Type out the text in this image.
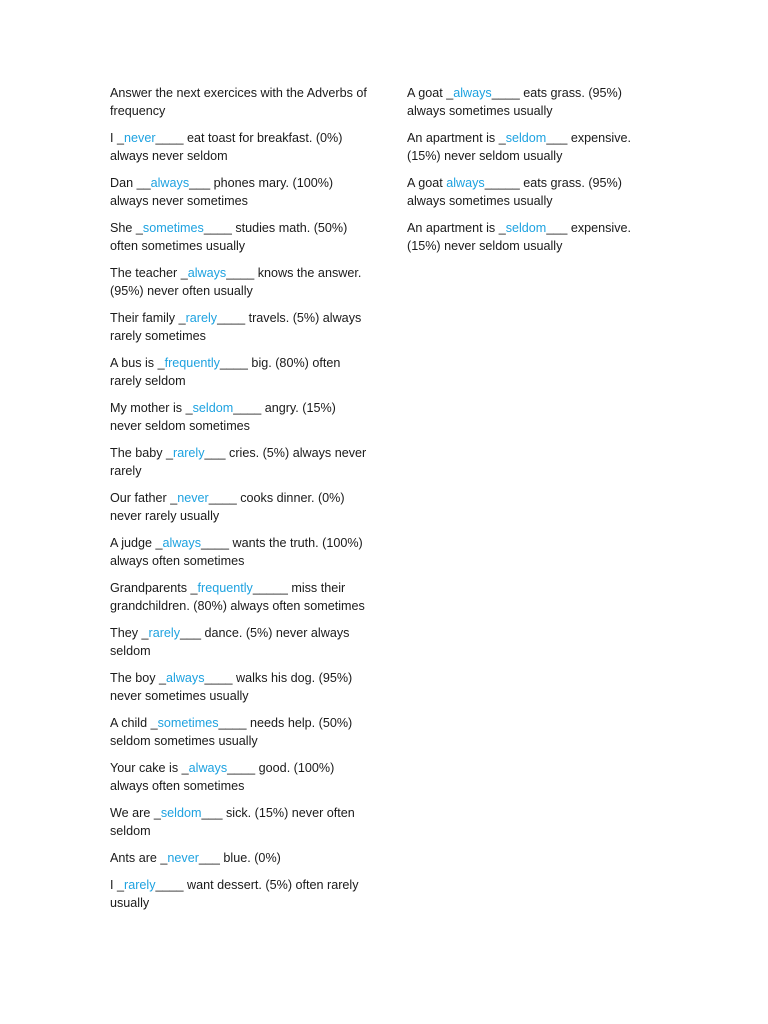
Answer the next exercices with the Adverbs of frequency

I _never____ eat toast for breakfast. (0%) always never seldom

Dan __always___ phones mary. (100%) always never sometimes

She _sometimes____ studies math. (50%) often sometimes usually

The teacher _always____ knows the answer. (95%) never often usually

Their family _rarely____ travels. (5%) always rarely sometimes

A bus is _frequently____ big. (80%) often rarely seldom

My mother is _seldom____ angry. (15%) never seldom sometimes

The baby _rarely___ cries. (5%) always never rarely

Our father _never____ cooks dinner. (0%) never rarely usually

A judge _always____ wants the truth. (100%) always often sometimes

Grandparents _frequently_____ miss their grandchildren. (80%) always often sometimes

They _rarely___ dance. (5%) never always seldom

The boy _always____ walks his dog. (95%) never sometimes usually

A child _sometimes____ needs help. (50%) seldom sometimes usually

Your cake is _always____ good. (100%) always often sometimes

We are _seldom___ sick. (15%) never often seldom

Ants are _never___ blue. (0%)

I _rarely____ want dessert. (5%) often rarely usually

A goat _always____ eats grass. (95%) always sometimes usually

An apartment is _seldom___ expensive. (15%) never seldom usually

A goat always_____ eats grass. (95%) always sometimes usually

An apartment is _seldom___ expensive. (15%) never seldom usually
